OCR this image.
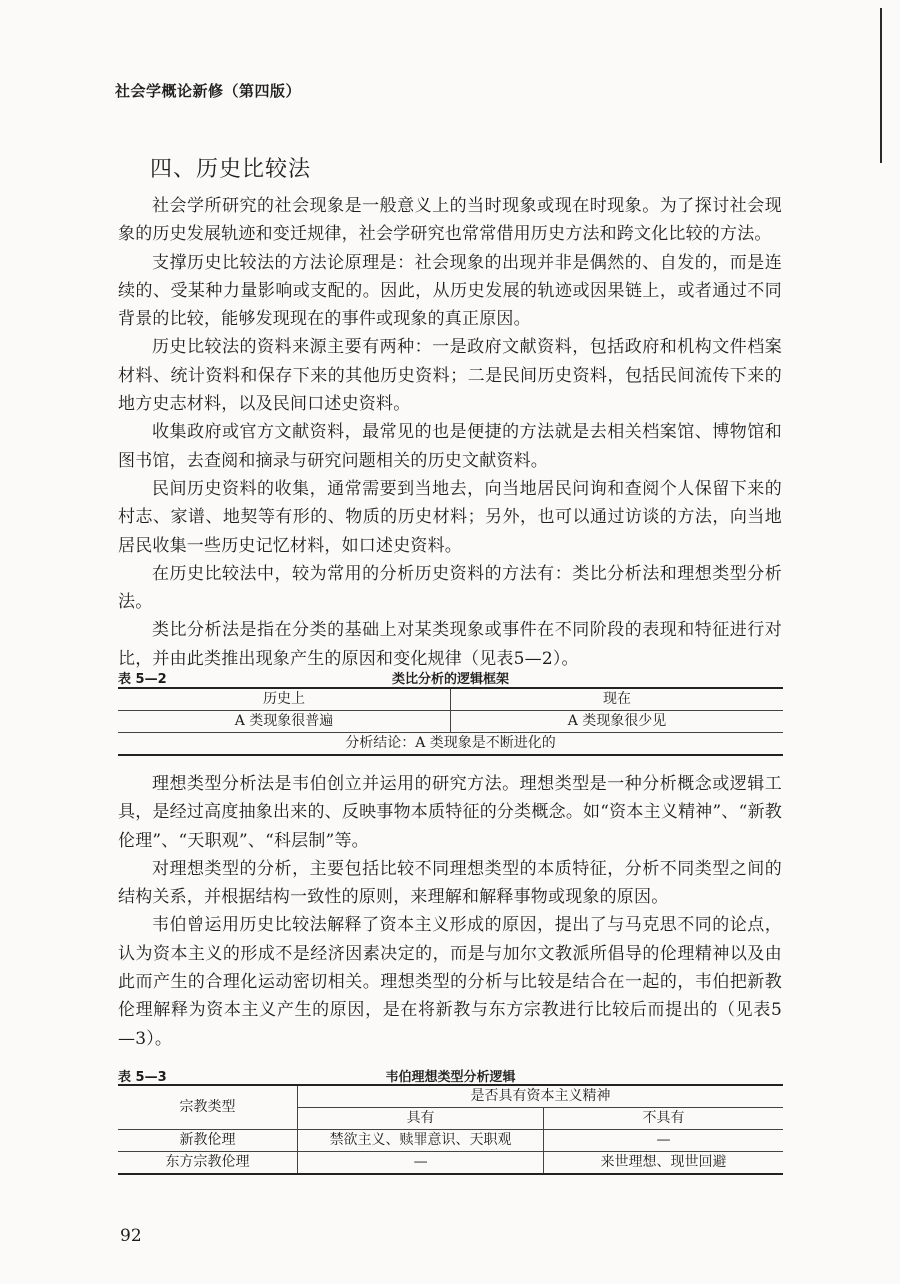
社会学概论新修（第四版）
四、历史比较法

社会学所研究的社会现象是一般意义上的当时现象或现在时现象。为了探讨社会现象的历史发展轨迹和变迁规律，社会学研究也常常借用历史方法和跨文化比较的方法。

支撑历史比较法的方法论原理是：社会现象的出现并非是偶然的、自发的，而是连续的、受某种力量影响或支配的。因此，从历史发展的轨迹或因果链上，或者通过不同背景的比较，能够发现现在的事件或现象的真正原因。

历史比较法的资料来源主要有两种：一是政府文献资料，包括政府和机构文件档案材料、统计资料和保存下来的其他历史资料；二是民间历史资料，包括民间流传下来的地方史志材料，以及民间口述史资料。

收集政府或官方文献资料，最常见的也是便捷的方法就是去相关档案馆、博物馆和图书馆，去查阅和摘录与研究问题相关的历史文献资料。

民间历史资料的收集，通常需要到当地去，向当地居民问询和查阅个人保留下来的村志、家谱、地契等有形的、物质的历史材料；另外，也可以通过访谈的方法，向当地居民收集一些历史记忆材料，如口述史资料。

在历史比较法中，较为常用的分析历史资料的方法有：类比分析法和理想类型分析法。

类比分析法是指在分类的基础上对某类现象或事件在不同阶段的表现和特征进行对比，并由此类推出现象产生的原因和变化规律（见表5—2）。

表 5—2	类比分析的逻辑框架
历史上	现在
A 类现象很普遍	A 类现象很少见
分析结论：A 类现象是不断进化的	

理想类型分析法是韦伯创立并运用的研究方法。理想类型是一种分析概念或逻辑工具，是经过高度抽象出来的、反映事物本质特征的分类概念。如“资本主义精神”、“新教伦理”、“天职观”、“科层制”等。

对理想类型的分析，主要包括比较不同理想类型的本质特征，分析不同类型之间的结构关系，并根据结构一致性的原则，来理解和解释事物或现象的原因。

韦伯曾运用历史比较法解释了资本主义形成的原因，提出了与马克思不同的论点，认为资本主义的形成不是经济因素决定的，而是与加尔文教派所倡导的伦理精神以及由此而产生的合理化运动密切相关。理想类型的分析与比较是结合在一起的，韦伯把新教伦理解释为资本主义产生的原因，是在将新教与东方宗教进行比较后而提出的（见表5—3）。

表 5—3	韦伯理想类型分析逻辑
宗教类型	是否具有资本主义精神	
	具有	不具有
新教伦理	禁欲主义、赎罪意识、天职观	—
东方宗教伦理	—	来世理想、现世回避
92
